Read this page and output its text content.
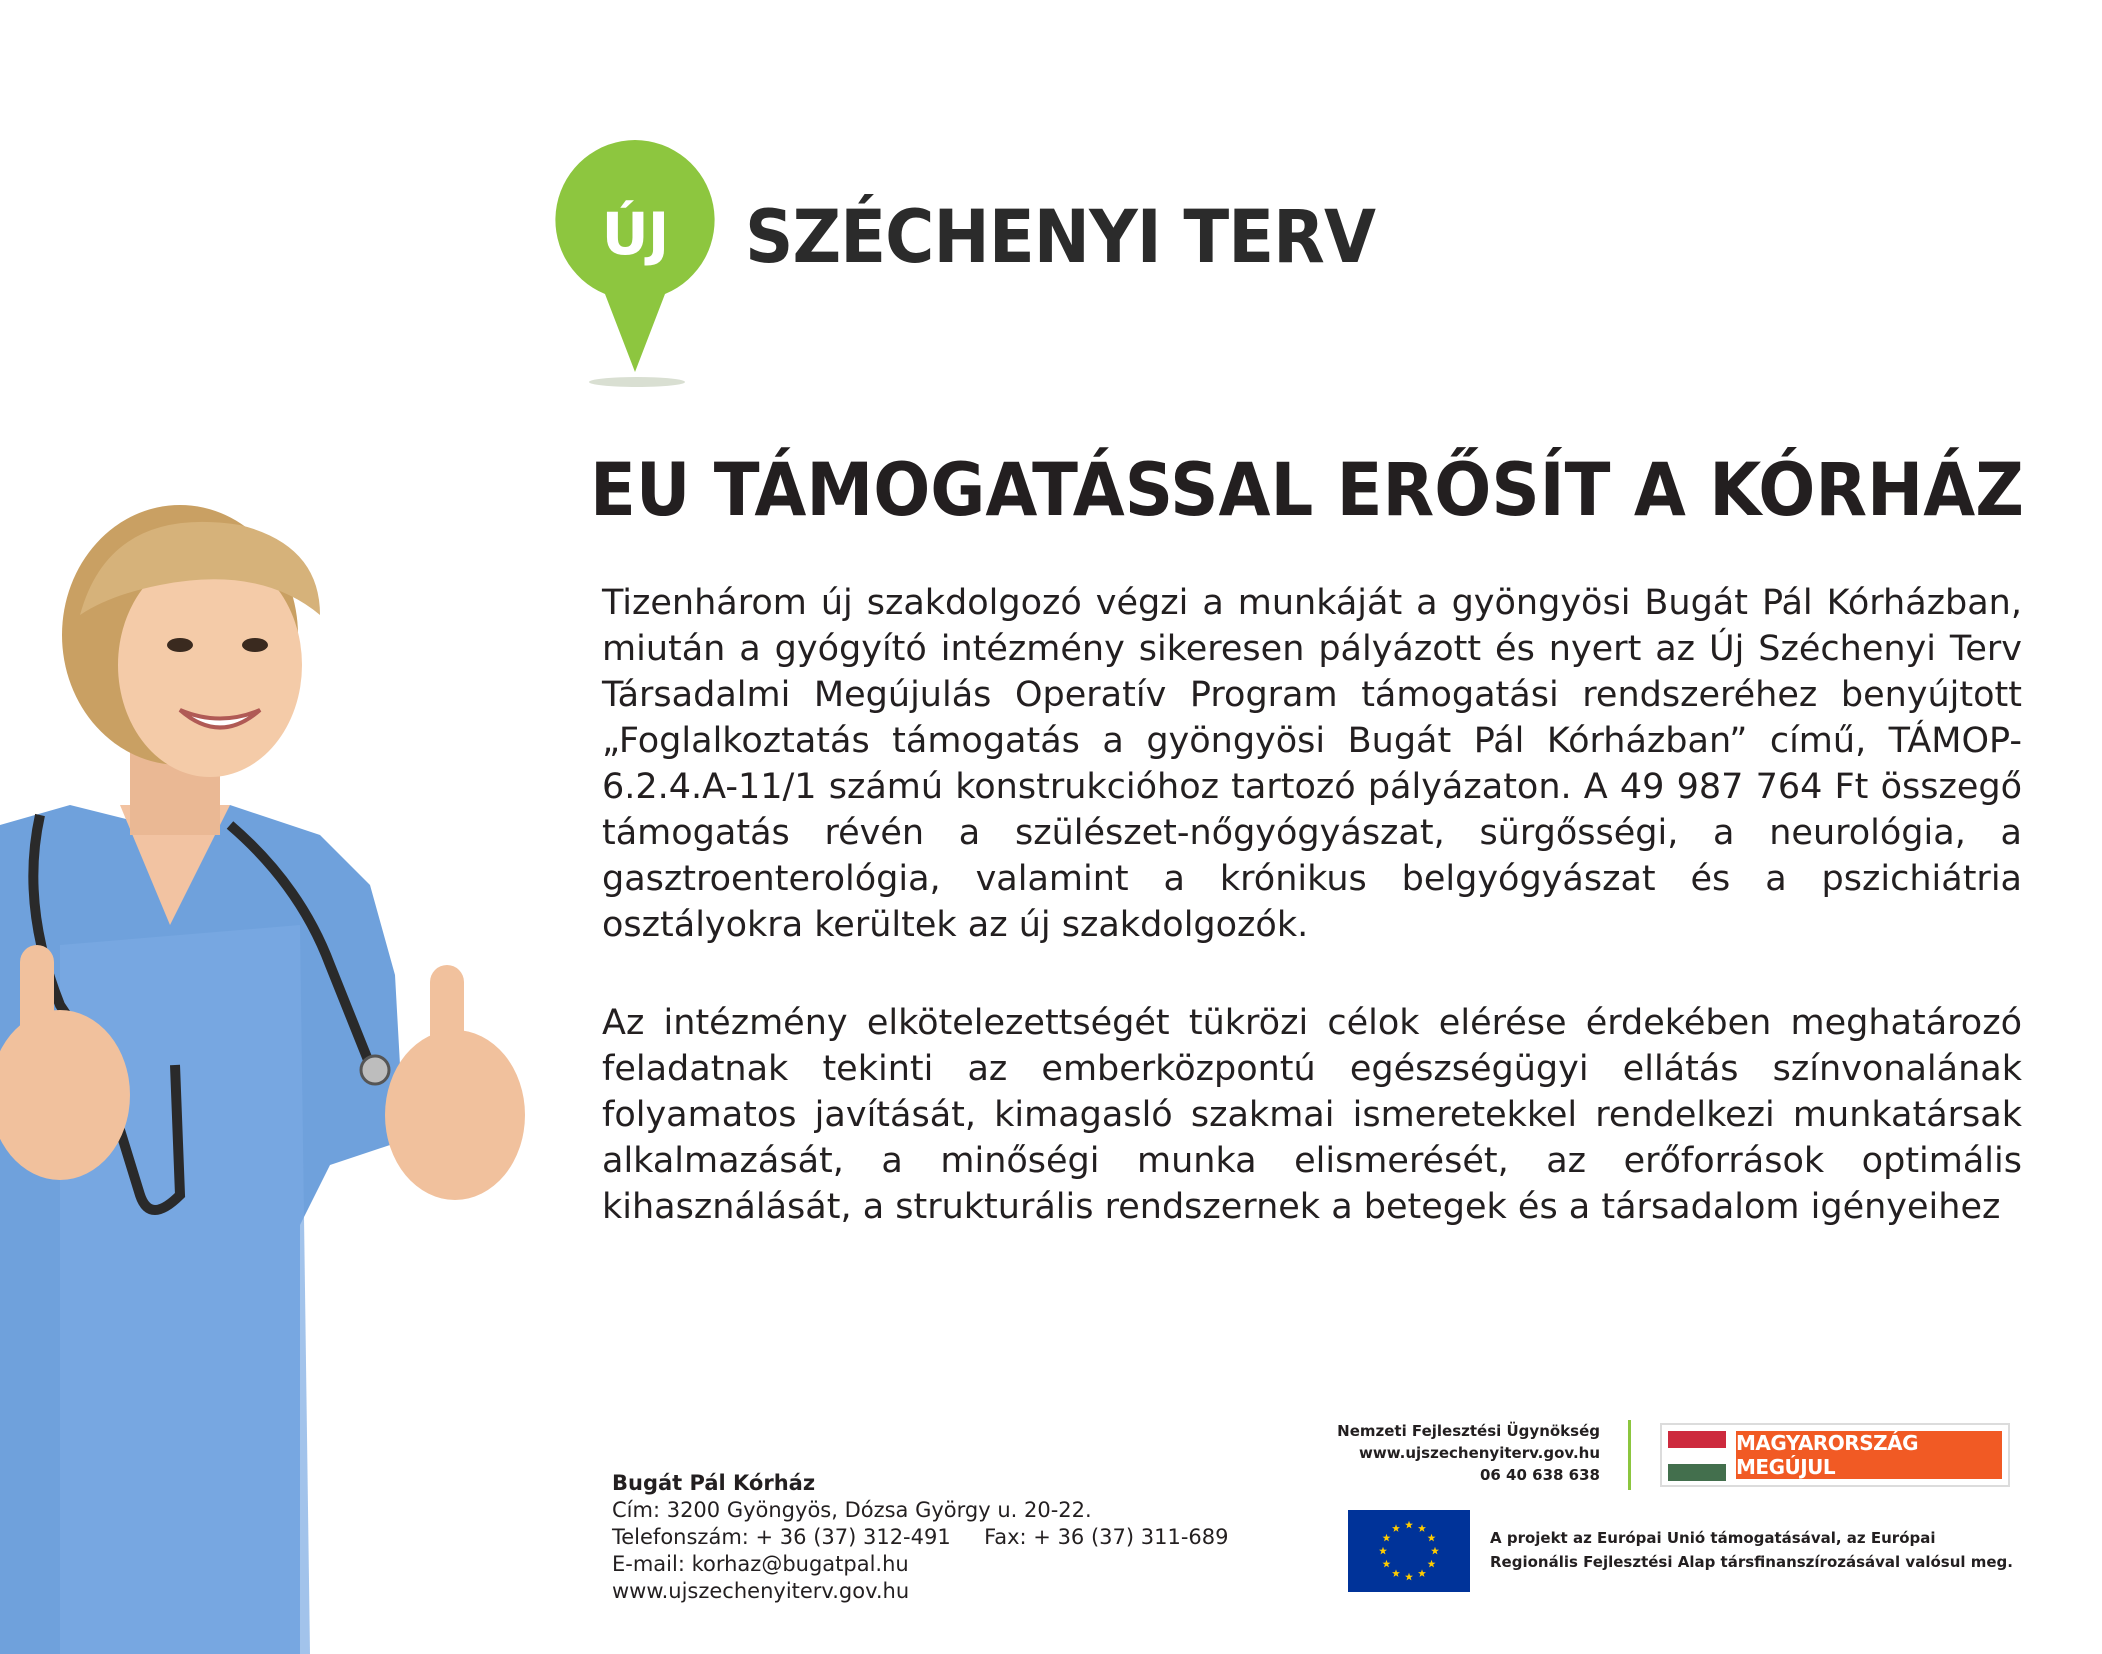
ÚJ	SZÉCHENYI TERV
EU TÁMOGATÁSSAL ERŐSÍT A KÓRHÁZ

Tizenhárom új szakdolgozó végzi a munkáját a gyöngyösi Bugát Pál Kórházban, miután a gyógyító intézmény sikeresen pályázott és nyert az Új Széchenyi Terv Társadalmi Megújulás Operatív Program támogatási rendszeréhez benyújtott „Foglalkoztatás támogatás a gyöngyösi Bugát Pál Kórházban” című, TÁMOP-6.2.4.A-11/1 számú konstrukcióhoz tartozó pályázaton. A 49 987 764 Ft összegő támogatás révén a szülészet-nőgyógyászat, sürgősségi, a neurológia, a gasztroenterológia, valamint a krónikus belgyógyászat és a pszichiátria osztályokra kerültek az új szakdolgozók.

Az intézmény elkötelezettségét tükrözi célok elérése érdekében meghatározó feladatnak tekinti az emberközpontú egészségügyi ellátás színvonalának folyamatos javítását, kimagasló szakmai ismeretekkel rendelkezi munkatársak alkalmazását, a minőségi munka elismerését, az erőforrások optimális kihasználását, a strukturális rendszernek a betegek és a társadalom igényeihez

Bugát Pál Kórház
Cím: 3200 Gyöngyös, Dózsa György u. 20-22.
Telefonszám: + 36 (37) 312-491     Fax: + 36 (37) 311-689
E-mail: korhaz@bugatpal.hu
www.ujszechenyiterv.gov.hu
Nemzeti Fejlesztési Ügynökség
www.ujszechenyiterv.gov.hu
06 40 638 638
MAGYARORSZÁG MEGÚJUL
A projekt az Európai Unió támogatásával, az Európai
Regionális Fejlesztési Alap társfinanszírozásával valósul meg.
